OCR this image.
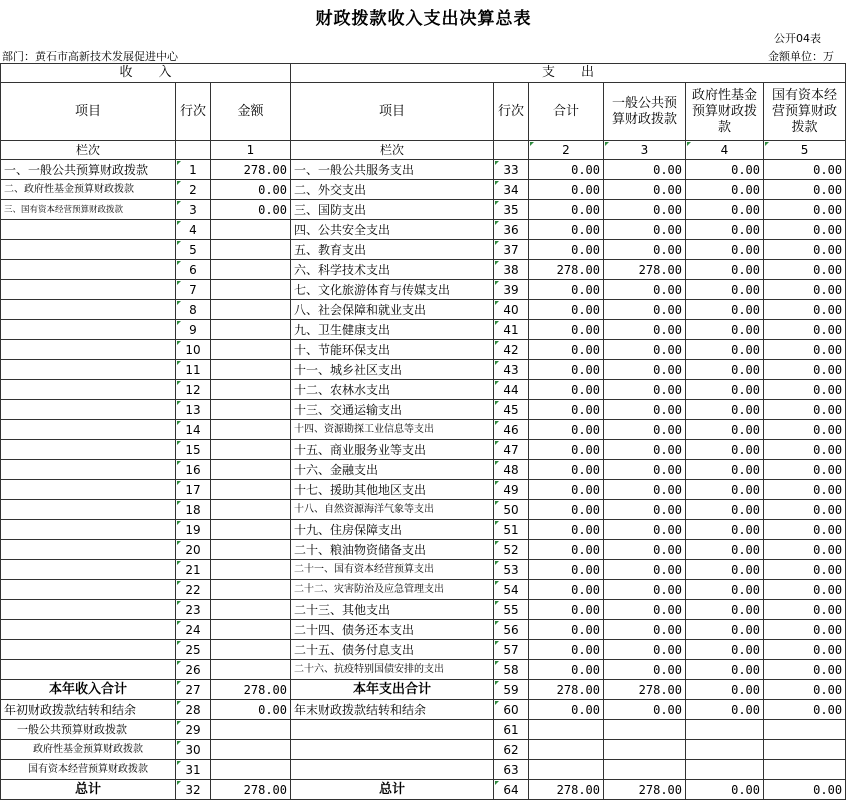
财政拨款收入支出决算总表
公开04表
部门：黄石市高新技术发展促进中心	金额单位：万
收　　入			支　　出					
项目	行次	金额	项目	行次	合计	一般公共预算财政拨款	政府性基金预算财政拨款	国有资本经营预算财政拨款
栏次		1	栏次		2	3	4	5
一、一般公共预算财政拨款	1	278.00	一、一般公共服务支出	33	0.00	0.00	0.00	0.00
二、政府性基金预算财政拨款	2	0.00	二、外交支出	34	0.00	0.00	0.00	0.00
三、国有资本经营预算财政拨款	3	0.00	三、国防支出	35	0.00	0.00	0.00	0.00
	4		四、公共安全支出	36	0.00	0.00	0.00	0.00
	5		五、教育支出	37	0.00	0.00	0.00	0.00
	6		六、科学技术支出	38	278.00	278.00	0.00	0.00
	7		七、文化旅游体育与传媒支出	39	0.00	0.00	0.00	0.00
	8		八、社会保障和就业支出	40	0.00	0.00	0.00	0.00
	9		九、卫生健康支出	41	0.00	0.00	0.00	0.00
	10		十、节能环保支出	42	0.00	0.00	0.00	0.00
	11		十一、城乡社区支出	43	0.00	0.00	0.00	0.00
	12		十二、农林水支出	44	0.00	0.00	0.00	0.00
	13		十三、交通运输支出	45	0.00	0.00	0.00	0.00
	14		十四、资源勘探工业信息等支出	46	0.00	0.00	0.00	0.00
	15		十五、商业服务业等支出	47	0.00	0.00	0.00	0.00
	16		十六、金融支出	48	0.00	0.00	0.00	0.00
	17		十七、援助其他地区支出	49	0.00	0.00	0.00	0.00
	18		十八、自然资源海洋气象等支出	50	0.00	0.00	0.00	0.00
	19		十九、住房保障支出	51	0.00	0.00	0.00	0.00
	20		二十、粮油物资储备支出	52	0.00	0.00	0.00	0.00
	21		二十一、国有资本经营预算支出	53	0.00	0.00	0.00	0.00
	22		二十二、灾害防治及应急管理支出	54	0.00	0.00	0.00	0.00
	23		二十三、其他支出	55	0.00	0.00	0.00	0.00
	24		二十四、债务还本支出	56	0.00	0.00	0.00	0.00
	25		二十五、债务付息支出	57	0.00	0.00	0.00	0.00
	26		二十六、抗疫特别国债安排的支出	58	0.00	0.00	0.00	0.00
本年收入合计	27	278.00	本年支出合计	59	278.00	278.00	0.00	0.00
年初财政拨款结转和结余	28	0.00	年末财政拨款结转和结余	60	0.00	0.00	0.00	0.00
一般公共预算财政拨款	29			61				
政府性基金预算财政拨款	30			62				
国有资本经营预算财政拨款	31			63				
总计	32	278.00	总计	64	278.00	278.00	0.00	0.00
